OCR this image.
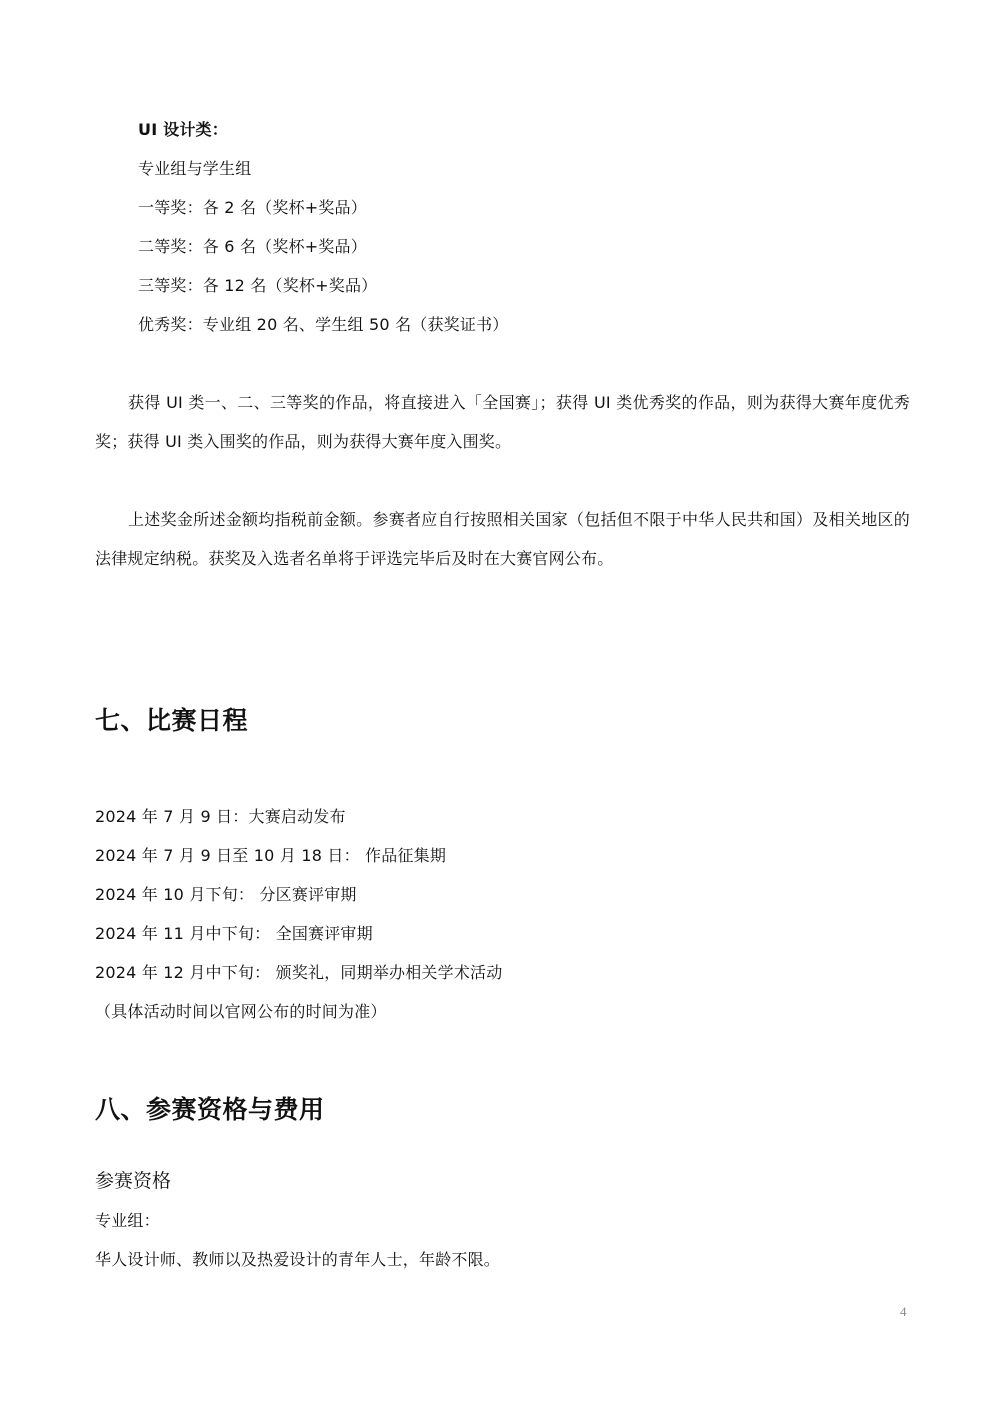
UI 设计类：
专业组与学生组
一等奖：各 2 名（奖杯+奖品）
二等奖：各 6 名（奖杯+奖品）
三等奖：各 12 名（奖杯+奖品）
优秀奖：专业组 20 名、学生组 50 名（获奖证书）
获得 UI 类一、二、三等奖的作品，将直接进入「全国赛」；获得 UI 类优秀奖的作品，则为获得大赛年度优秀奖；获得 UI 类入围奖的作品，则为获得大赛年度入围奖。
上述奖金所述金额均指税前金额。参赛者应自行按照相关国家（包括但不限于中华人民共和国）及相关地区的法律规定纳税。获奖及入选者名单将于评选完毕后及时在大赛官网公布。
七、比赛日程
2024 年 7 月 9 日：大赛启动发布
2024 年 7 月 9 日至 10 月 18 日： 作品征集期
2024 年 10 月下旬： 分区赛评审期
2024 年 11 月中下旬： 全国赛评审期
2024 年 12 月中下旬： 颁奖礼，同期举办相关学术活动
（具体活动时间以官网公布的时间为准）
八、参赛资格与费用
参赛资格
专业组：
华人设计师、教师以及热爱设计的青年人士，年龄不限。
4
